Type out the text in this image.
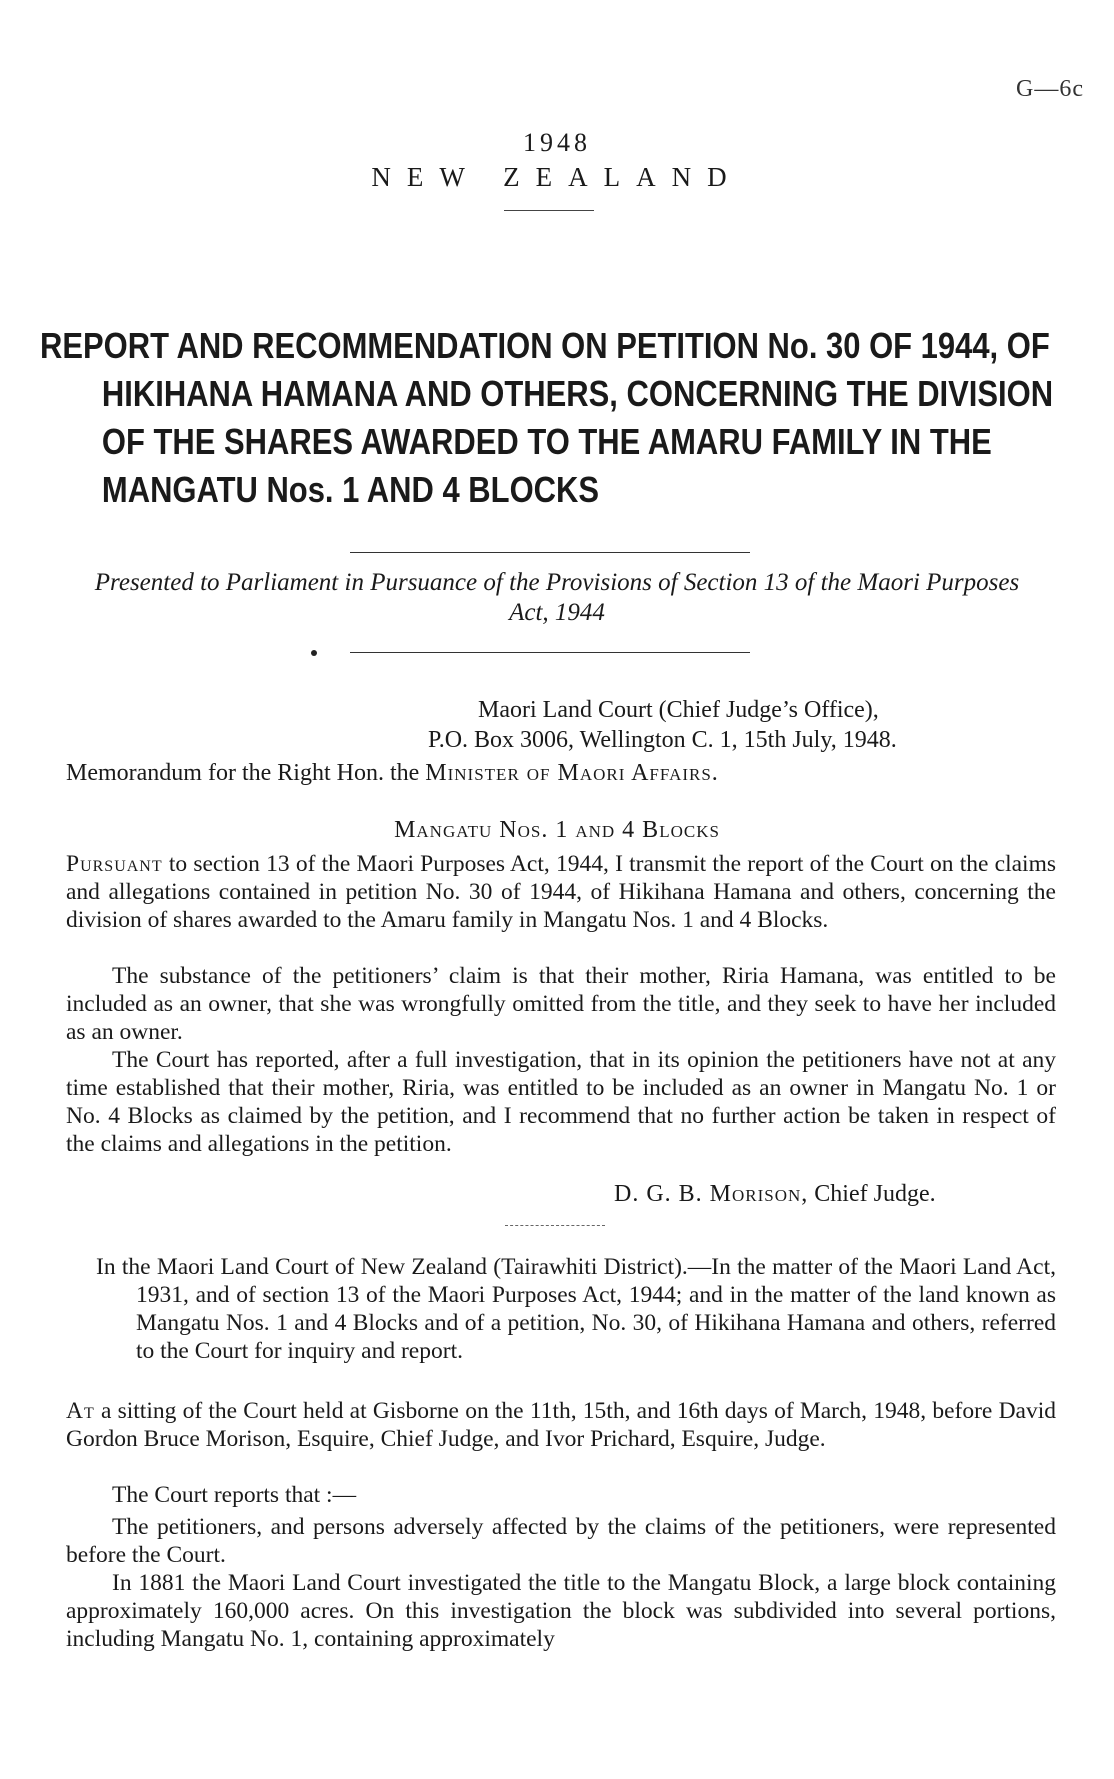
G—6c
1948
NEW ZEALAND
REPORT AND RECOMMENDATION ON PETITION No. 30 OF 1944, OF
HIKIHANA HAMANA AND OTHERS, CONCERNING THE DIVISION
OF THE SHARES AWARDED TO THE AMARU FAMILY IN THE
MANGATU Nos. 1 AND 4 BLOCKS
Presented to Parliament in Pursuance of the Provisions of Section 13 of the Maori Purposes
Act, 1944
Maori Land Court (Chief Judge’s Office),
P.O. Box 3006, Wellington C. 1, 15th July, 1948.
Memorandum for the Right Hon. the Minister of Maori Affairs.
Mangatu Nos. 1 and 4 Blocks
Pursuant to section 13 of the Maori Purposes Act, 1944, I transmit the report of the Court on the claims and allegations contained in petition No. 30 of 1944, of Hikihana Hamana and others, concerning the division of shares awarded to the Amaru family in Mangatu Nos. 1 and 4 Blocks.
The substance of the petitioners’ claim is that their mother, Riria Hamana, was entitled to be included as an owner, that she was wrongfully omitted from the title, and they seek to have her included as an owner.
The Court has reported, after a full investigation, that in its opinion the petitioners have not at any time established that their mother, Riria, was entitled to be included as an owner in Mangatu No. 1 or No. 4 Blocks as claimed by the petition, and I recommend that no further action be taken in respect of the claims and allegations in the petition.
D. G. B. Morison, Chief Judge.
In the Maori Land Court of New Zealand (Tairawhiti District).—In the matter of the Maori Land Act, 1931, and of section 13 of the Maori Purposes Act, 1944; and in the matter of the land known as Mangatu Nos. 1 and 4 Blocks and of a petition, No. 30, of Hikihana Hamana and others, referred to the Court for inquiry and report.
At a sitting of the Court held at Gisborne on the 11th, 15th, and 16th days of March, 1948, before David Gordon Bruce Morison, Esquire, Chief Judge, and Ivor Prichard, Esquire, Judge.
The Court reports that :—
The petitioners, and persons adversely affected by the claims of the petitioners, were represented before the Court.
In 1881 the Maori Land Court investigated the title to the Mangatu Block, a large block containing approximately 160,000 acres. On this investigation the block was subdivided into several portions, including Mangatu No. 1, containing approximately
